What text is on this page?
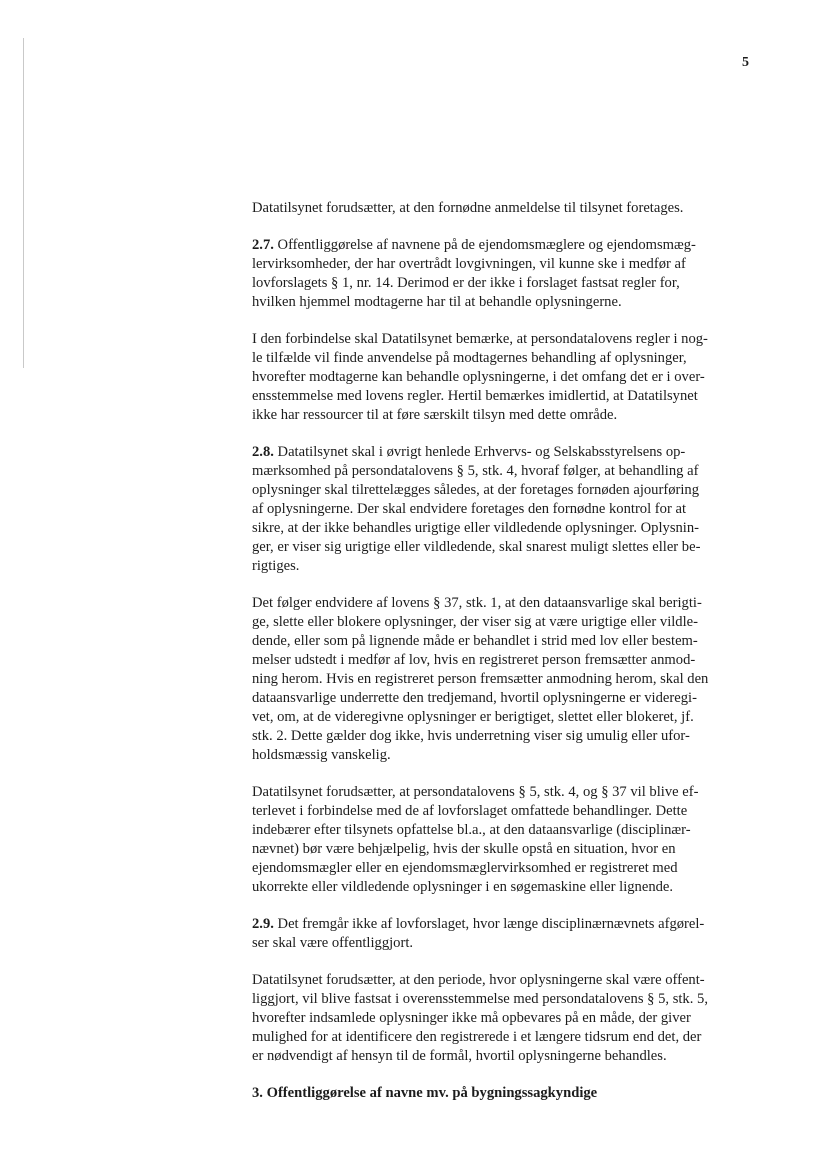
5

Datatilsynet forudsætter, at den fornødne anmeldelse til tilsynet foretages.

2.7. Offentliggørelse af navnene på de ejendomsmæglere og ejendomsmæg-
lervirksomheder, der har overtrådt lovgivningen, vil kunne ske i medfør af
lovforslagets § 1, nr. 14. Derimod er der ikke i forslaget fastsat regler for,
hvilken hjemmel modtagerne har til at behandle oplysningerne.

I den forbindelse skal Datatilsynet bemærke, at persondatalovens regler i nog-
le tilfælde vil finde anvendelse på modtagernes behandling af oplysninger,
hvorefter modtagerne kan behandle oplysningerne, i det omfang det er i over-
ensstemmelse med lovens regler. Hertil bemærkes imidlertid, at Datatilsynet
ikke har ressourcer til at føre særskilt tilsyn med dette område.

2.8. Datatilsynet skal i øvrigt henlede Erhvervs- og Selskabsstyrelsens op-
mærksomhed på persondatalovens § 5, stk. 4, hvoraf følger, at behandling af
oplysninger skal tilrettelægges således, at der foretages fornøden ajourføring
af oplysningerne. Der skal endvidere foretages den fornødne kontrol for at
sikre, at der ikke behandles urigtige eller vildledende oplysninger. Oplysnin-
ger, er viser sig urigtige eller vildledende, skal snarest muligt slettes eller be-
rigtiges.

Det følger endvidere af lovens § 37, stk. 1, at den dataansvarlige skal berigti-
ge, slette eller blokere oplysninger, der viser sig at være urigtige eller vildle-
dende, eller som på lignende måde er behandlet i strid med lov eller bestem-
melser udstedt i medfør af lov, hvis en registreret person fremsætter anmod-
ning herom. Hvis en registreret person fremsætter anmodning herom, skal den
dataansvarlige underrette den tredjemand, hvortil oplysningerne er videregi-
vet, om, at de videregivne oplysninger er berigtiget, slettet eller blokeret, jf.
stk. 2. Dette gælder dog ikke, hvis underretning viser sig umulig eller ufor-
holdsmæssig vanskelig.

Datatilsynet forudsætter, at persondatalovens § 5, stk. 4, og § 37 vil blive ef-
terlevet i forbindelse med de af lovforslaget omfattede behandlinger. Dette
indebærer efter tilsynets opfattelse bl.a., at den dataansvarlige (disciplinær-
nævnet) bør være behjælpelig, hvis der skulle opstå en situation, hvor en
ejendomsmægler eller en ejendomsmæglervirksomhed er registreret med
ukorrekte eller vildledende oplysninger i en søgemaskine eller lignende.

2.9. Det fremgår ikke af lovforslaget, hvor længe disciplinærnævnets afgørel-
ser skal være offentliggjort.

Datatilsynet forudsætter, at den periode, hvor oplysningerne skal være offent-
liggjort, vil blive fastsat i overensstemmelse med persondatalovens § 5, stk. 5,
hvorefter indsamlede oplysninger ikke må opbevares på en måde, der giver
mulighed for at identificere den registrerede i et længere tidsrum end det, der
er nødvendigt af hensyn til de formål, hvortil oplysningerne behandles.

3. Offentliggørelse af navne mv. på bygningssagkyndige
